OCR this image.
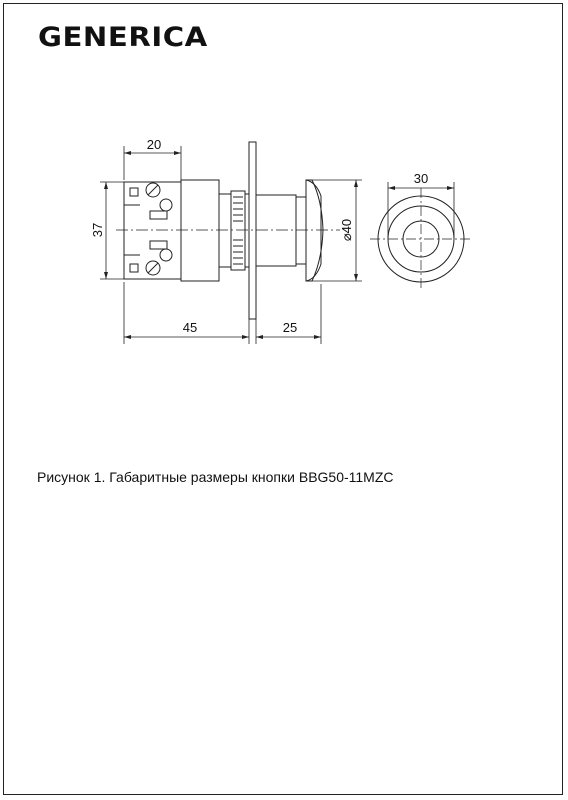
GENERICA
20
37
45	25
⌀40
30
Рисунок 1. Габаритные размеры кнопки BBG50-11MZC
